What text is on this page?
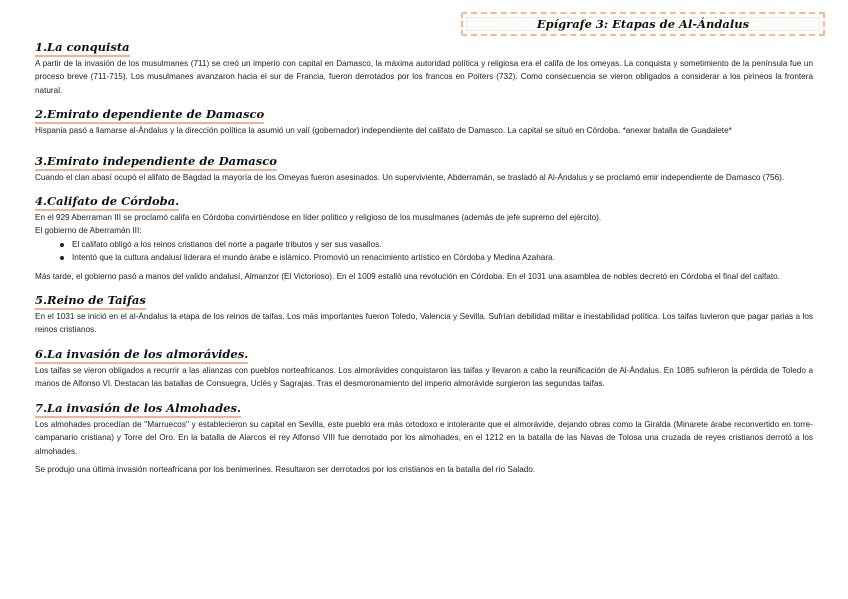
Epígrafe 3: Etapas de Al-Ándalus
1.La conquista

A partir de la invasión de los musulmanes (711) se creó un imperio con capital en Damasco, la máxima autoridad política y religiosa era el califa de los omeyas. La conquista y sometimiento de la península fue un proceso breve (711-715). Los musulmanes avanzaron hacia el sur de Francia, fueron derrotados por los francos en Poiters (732). Como consecuencia se vieron obligados a considerar a los pirineos la frontera natural.

2.Emirato dependiente de Damasco

Hispania pasó a llamarse al-Ándalus y la dirección política la asumió un valí (gobernador) independiente del califato de Damasco. La capital se situó en Córdoba. *anexar batalla de Guadalete*

3.Emirato independiente de Damasco

Cuando el clan abasí ocupó el alifato de Bagdad la mayoría de los Omeyas fueron asesinados. Un superviviente, Abderramán, se trasladó al Al-Ándalus y se proclamó emir independiente de Damasco (756).

4.Califato de Córdoba.

En el 929 Aberraman III se proclamó califa en Córdoba convirtiéndose en líder político y religioso de los musulmanes (además de jefe supremo del ejército).

El gobierno de Aberramán III:

El califato obligó a los reinos cristianos del norte a pagarle tributos y ser sus vasallos.
Intentó que la cultura andalusí liderara el mundo árabe e islámico. Promovió un renacimiento artístico en Córdoba y Medina Azahara.

Más tarde, el gobierno pasó a manos del valido andalusí, Almanzor (El Victorioso). En el 1009 estalló una revolución en Córdoba. En el 1031 una asamblea de nobles decretó en Córdoba el final del calfato.

5.Reino de Taifas

En el 1031 se inició en el al-Ándalus la etapa de los reinos de taifas. Los más importantes fueron Toledo, Valencia y Sevilla. Sufrían debilidad militar e inestabilidad política. Los taifas tuvieron que pagar parias a los reinos cristianos.

6.La invasión de los almorávides.

Los taifas se vieron obligados a recurrir a las alianzas con pueblos norteafricanos. Los almorávides conquistaron las taifas y llevaron a cabo la reunificación de Al-Ándalus. En 1085 sufrieron la pérdida de Toledo a manos de Alfonso VI. Destacan las batallas de Consuegra, Uclés y Sagrajas. Tras el desmoronamiento del imperio almorávide surgieron las segundas taifas.

7.La invasión de los Almohades.

Los almohades procedían de ''Marruecos'' y establecieron su capital en Sevilla, este pueblo era más ortodoxo e intolerante que el almorávide, dejando obras como la Giralda (Minarete árabe reconvertido en torre-campanario cristiana) y Torre del Oro. En la batalla de Alarcos el rey Alfonso VIII fue derrotado por los almohades, en el 1212 en la batalla de las Navas de Tolosa una cruzada de reyes cristianos derrotó a los almohades.

Se produjo una última invasión norteafricana por los benimerines. Resultaron ser derrotados por los cristianos en la batalla del río Salado.
